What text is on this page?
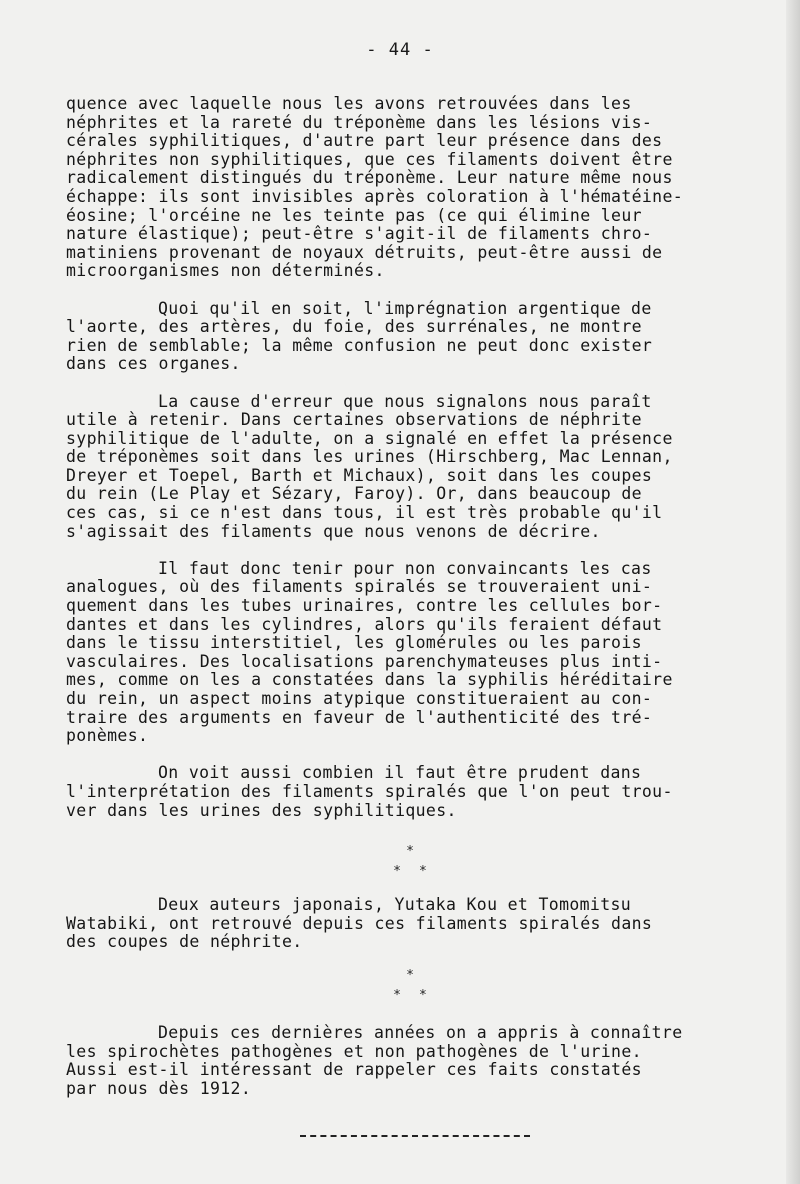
- 44 -
quence avec laquelle nous les avons retrouvées dans les
néphrites et la rareté du tréponème dans les lésions vis-
cérales syphilitiques, d'autre part leur présence dans des
néphrites non syphilitiques, que ces filaments doivent être
radicalement distingués du tréponème. Leur nature même nous
échappe: ils sont invisibles après coloration à l'hématéine-
éosine; l'orcéine ne les teinte pas (ce qui élimine leur
nature élastique); peut-être s'agit-il de filaments chro-
matiniens provenant de noyaux détruits, peut-être aussi de
microorganismes non déterminés.
Quoi qu'il en soit, l'imprégnation argentique de
l'aorte, des artères, du foie, des surrénales, ne montre
rien de semblable; la même confusion ne peut donc exister
dans ces organes.
La cause d'erreur que nous signalons nous paraît
utile à retenir. Dans certaines observations de néphrite
syphilitique de l'adulte, on a signalé en effet la présence
de tréponèmes soit dans les urines (Hirschberg, Mac Lennan,
Dreyer et Toepel, Barth et Michaux), soit dans les coupes
du rein (Le Play et Sézary, Faroy). Or, dans beaucoup de
ces cas, si ce n'est dans tous, il est très probable qu'il
s'agissait des filaments que nous venons de décrire.
Il faut donc tenir pour non convaincants les cas
analogues, où des filaments spiralés se trouveraient uni-
quement dans les tubes urinaires, contre les cellules bor-
dantes et dans les cylindres, alors qu'ils feraient défaut
dans le tissu interstitiel, les glomérules ou les parois
vasculaires. Des localisations parenchymateuses plus inti-
mes, comme on les a constatées dans la syphilis héréditaire
du rein, un aspect moins atypique constitueraient au con-
traire des arguments en faveur de l'authenticité des tré-
ponèmes.
On voit aussi combien il faut être prudent dans
l'interprétation des filaments spiralés que l'on peut trou-
ver dans les urines des syphilitiques.
*
**
Deux auteurs japonais, Yutaka Kou et Tomomitsu
Watabiki, ont retrouvé depuis ces filaments spiralés dans
des coupes de néphrite.
*
**
Depuis ces dernières années on a appris à connaître
les spirochètes pathogènes et non pathogènes de l'urine.
Aussi est-il intéressant de rappeler ces faits constatés
par nous dès 1912.
